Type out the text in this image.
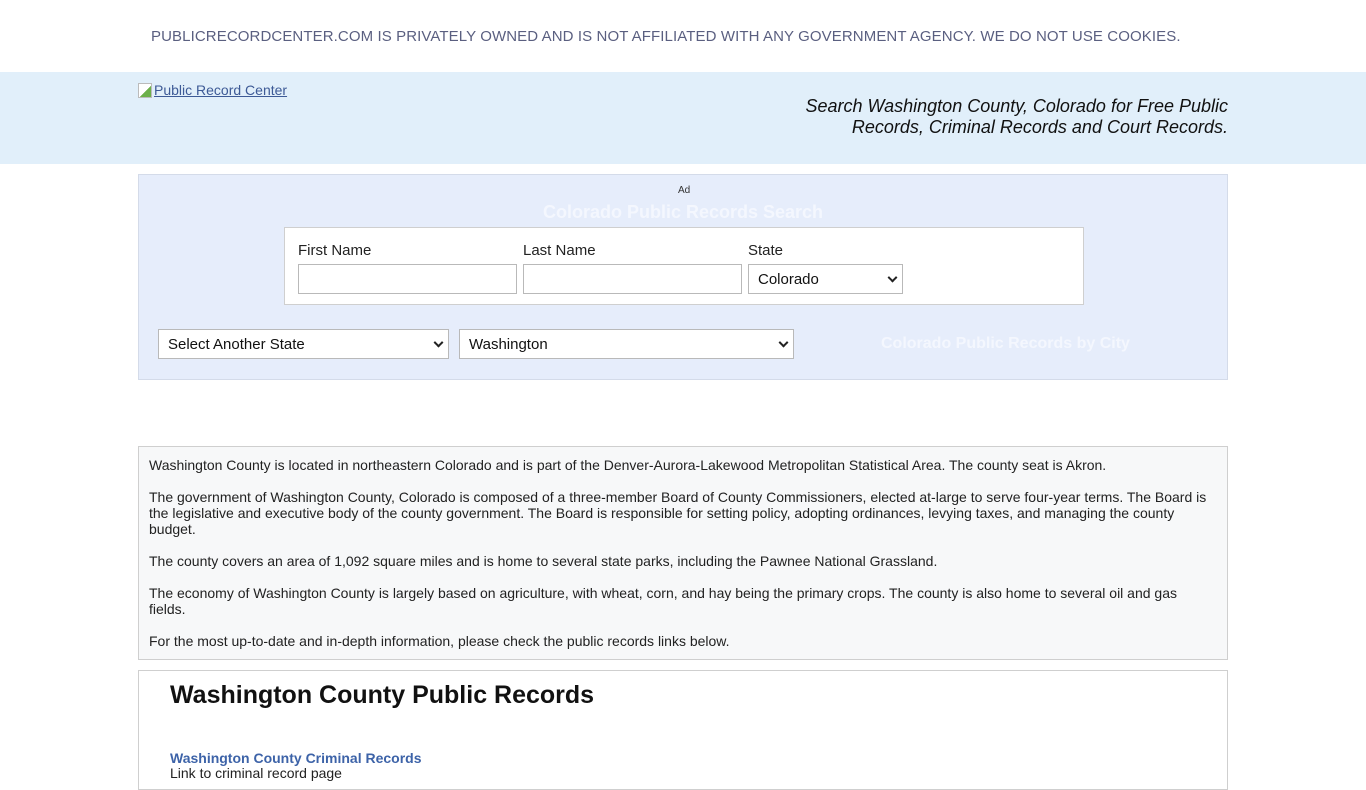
PUBLICRECORDCENTER.COM IS PRIVATELY OWNED AND IS NOT AFFILIATED WITH ANY GOVERNMENT AGENCY. WE DO NOT USE COOKIES.
Public Record Center
Search Washington County, Colorado for Free Public Records, Criminal Records and Court Records.
Ad
Colorado Public Records Search
First Name	Last Name	State
Colorado
Select Another State	Washington	Colorado Public Records by City

Washington County is located in northeastern Colorado and is part of the Denver-Aurora-Lakewood Metropolitan Statistical Area. The county seat is Akron.

The government of Washington County, Colorado is composed of a three-member Board of County Commissioners, elected at-large to serve four-year terms. The Board is the legislative and executive body of the county government. The Board is responsible for setting policy, adopting ordinances, levying taxes, and managing the county budget.

The county covers an area of 1,092 square miles and is home to several state parks, including the Pawnee National Grassland.

The economy of Washington County is largely based on agriculture, with wheat, corn, and hay being the primary crops. The county is also home to several oil and gas fields.

For the most up-to-date and in-depth information, please check the public records links below.

Washington County Public Records
Washington County Criminal Records
Link to criminal record page
